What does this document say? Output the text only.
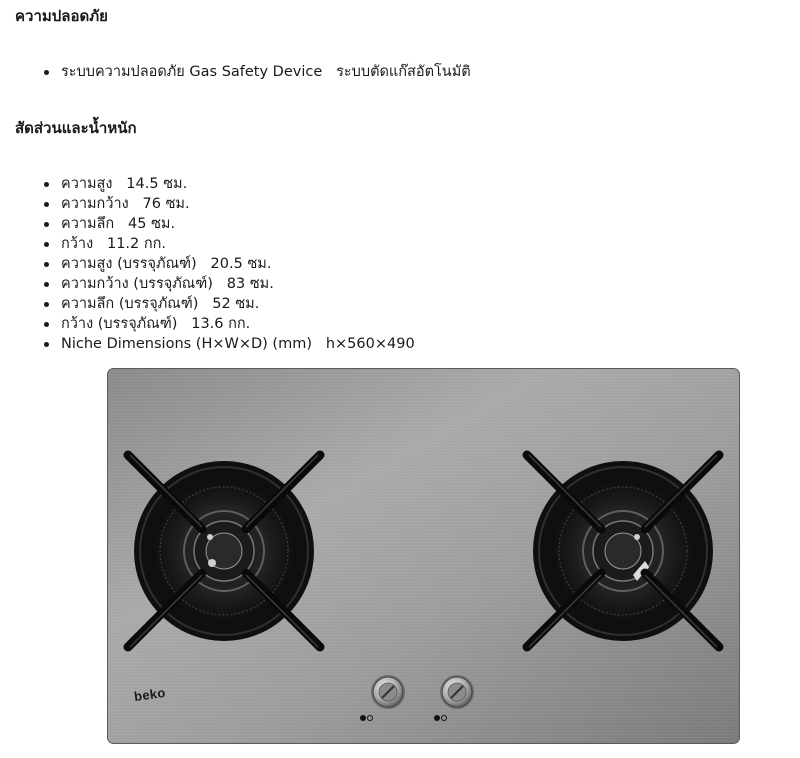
ความปลอดภัย
ระบบความปลอดภัย Gas Safety Device   ระบบตัดแก๊สอัตโนมัติ
สัดส่วนและน้ำหนัก
ความสูง   14.5 ซม.
ความกว้าง   76 ซม.
ความลึก   45 ซม.
กว้าง   11.2 กก.
ความสูง (บรรจุภัณฑ์)   20.5 ซม.
ความกว้าง (บรรจุภัณฑ์)   83 ซม.
ความลึก (บรรจุภัณฑ์)   52 ซม.
กว้าง (บรรจุภัณฑ์)   13.6 กก.
Niche Dimensions (H×W×D) (mm)   h×560×490
beko
